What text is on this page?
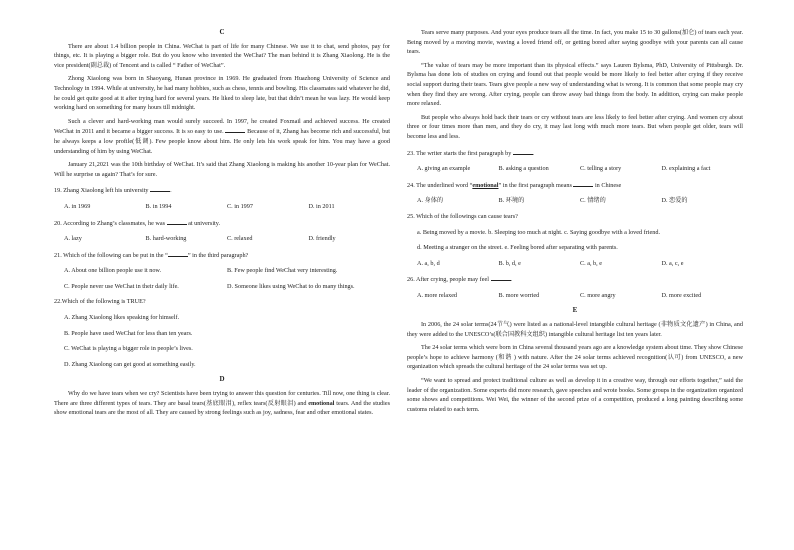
C

There are about 1.4 billion people in China. WeChat is part of life for many Chinese. We use it to chat, send photos, pay for things, etc. It is playing a bigger role. But do you know who invented the WeChat? The man behind it is Zhang Xiaolong. He is the vice president(副总裁) of Tencent and is called “ Father of WeChat”.

Zhong Xiaolong was born in Shaoyang, Hunan province in 1969. He graduated from Huazhong University of Science and Technology in 1994. While at university, he had many hobbies, such as chess, tennis and bowling. His classmates said whatever he did, he could get quite good at it after trying hard for several years. He liked to sleep late, but that didn’t mean he was lazy. He would keep working hard on something for many hours till midnight.

Such a clever and hard-working man would surely succeed. In 1997, he created Foxmail and achieved success. He created WeChat in 2011 and it became a bigger success. It is so easy to use.	Because of it, Zhang has become rich and successful, but he always keeps a low profile(低调). Few people know about him. He only lets his work speak for him. You may have a good understanding of him by using WeChat.

January 21,2021 was the 10th birthday of WeChat. It’s said that Zhang Xiaolong is making his another 10-year plan for WeChat. Will he surprise us again? That’s for sure.

19. Zhang Xiaolong left his university	.
A. in 1969	B. in 1994	C. in 1997	D. in 2011
20. According to Zhang’s classmates, he was	at university.
A. lazy	B. hard-working	C. relaxed	D. friendly
21. Which of the following can be put in the “	” in the third paragraph?
A. About one billion people use it now.	B. Few people find WeChat very interesting.
C. People never use WeChat in their daily life.	D. Someone likes using WeChat to do many things.
22.Which of the following is TRUE?
A. Zhang Xiaolong likes speaking for himself.
B. People have used WeChat for less than ten years.
C. WeChat is playing a bigger role in people’s lives.
D. Zhang Xiaolong can get good at something easily.
D

Why do we have tears when we cry? Scientists have been trying to answer this question for centuries. Till now, one thing is clear. There are three different types of tears. They are basal tears(基底眼泪), reflex tears(反射眼泪) and emotional tears. And the studies show emotional tears are the most of all. They are caused by strong feelings such as joy, sadness, fear and other emotional states.

Tears serve many purposes. And your eyes produce tears all the time. In fact, you make 15 to 30 gallons(加仑) of tears each year. Being moved by a moving movie, waving a loved friend off, or getting bored after saying goodbye with your parents can all cause tears.

“The value of tears may be more important than its physical effects.” says Lauren Bylsma, PhD, University of Pittsburgh. Dr. Bylsma has done lots of studies on crying and found out that people would be more likely to feel better after crying if they receive social support during their tears. Tears give people a new way of understanding what is wrong. It is common that some people may cry when they find they are wrong. After crying, people can throw away bad things from the body. In addition, crying can make people more relaxed.

But people who always hold back their tears or cry without tears are less likely to feel better after crying. And women cry about three or four times more than men, and they do cry, it may last long with much more tears. But when people get older, tears will become less and less.

23. The writer starts the first paragraph by	.
A. giving an example	B. asking a question	C. telling a story	D. explaining a fact
24. The underlined word “emotional” in the first paragraph means	in Chinese
A. 身体的	B. 环境的	C. 情绪的	D. 恋爱的
25. Which of the followings can cause tears?
a. Being moved by a movie. b. Sleeping too much at night. c. Saying goodbye with a loved friend.
d. Meeting a stranger on the street. e. Feeling bored after separating with parents.
A. a, b, d	B. b, d, e	C. a, b, e	D. a, c, e
26. After crying, people may feel	.
A. more relaxed	B. more worried	C. more angry	D. more excited
E

In 2006, the 24 solar terms(24节气) were listed as a national-level intangible cultural heritage (非物质文化遗产) in China, and they were added to the UNESCO’s(联合国教科文组织) intangible cultural heritage list ten years later.

The 24 solar terms which were born in China several thousand years ago are a knowledge system about time. They show Chinese people’s hope to achieve harmony (和谐 ) with nature. After the 24 solar terms achieved recognition(认可) from UNESCO, a new organization which spreads the cultural heritage of the 24 solar terms was set up.

“We want to spread and protect traditional culture as well as develop it in a creative way, through our efforts together,” said the leader of the organization. Some experts did more research, gave speeches and wrote books. Some groups in the organization organized some shows and competitions. Wei Wei, the winner of the second prize of a competition, produced a long painting describing some customs related to each term.
